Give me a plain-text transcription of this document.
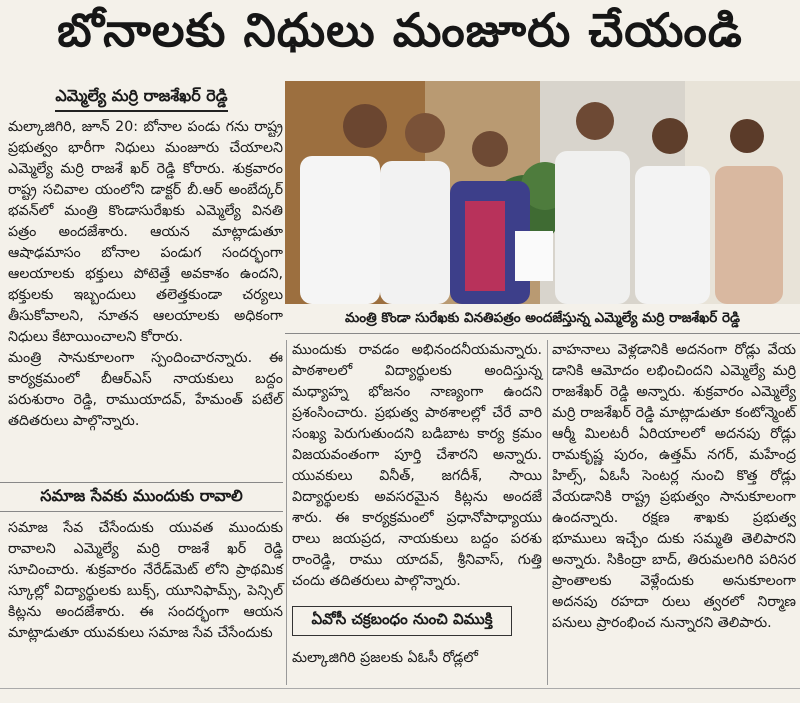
బోనాలకు నిధులు మంజూరు చేయండి
ఎమ్మెల్యే మర్రి రాజశేఖర్ రెడ్డి

మల్కాజిగిరి, జూన్ 20: బోనాల పండు గను రాష్ట్ర ప్రభుత్వం భారీగా నిధులు మంజూరు చేయాలని ఎమ్మెల్యే మర్రి రాజశే ఖర్ రెడ్డి కోరారు. శుక్రవారం రాష్ట్ర సచివాల యంలోని డాక్టర్ బీ.ఆర్ అంబేద్కర్ భవన్‌లో మంత్రి కొండాసురేఖకు ఎమ్మెల్యే వినతి పత్రం అందజేశారు. ఆయన మాట్లాడుతూ ఆషాఢమాసం బోనాల పండుగ సందర్భంగా ఆలయాలకు భక్తులు పోటెత్తే అవకాశం ఉందని, భక్తులకు ఇబ్బందులు తలెత్తకుండా చర్యలు తీసుకోవాలని, నూతన ఆలయాలకు అధికంగా నిధులు కేటాయించాలని కోరారు.

మంత్రి సానుకూలంగా స్పందించారన్నారు. ఈ కార్యక్రమంలో బీఆర్ఎస్ నాయకులు బద్దం పరుశురాం రెడ్డి, రాముయాదవ్, హేమంత్ పటేల్ తదితరులు పాల్గొన్నారు.

సమాజ సేవకు ముందుకు రావాలి

సమాజ సేవ చేసేందుకు యువత ముందుకు రావాలని ఎమ్మెల్యే మర్రి రాజశే ఖర్ రెడ్డి సూచించారు. శుక్రవారం నేరేడ్‌మెట్ లోని ప్రాథమిక స్కూల్లో విద్యార్థులకు బుక్స్, యూనిఫామ్స్, పెన్సిల్ కిట్లను అందజేశారు. ఈ సందర్భంగా ఆయన మాట్లాడుతూ యువకులు సమాజ సేవ చేసేందుకు

మంత్రి కొండా సురేఖకు వినతిపత్రం అందజేస్తున్న ఎమ్మెల్యే మర్రి రాజశేఖర్ రెడ్డి

ముందుకు రావడం అభినందనీయమన్నారు. పాఠశాలలో విద్యార్థులకు అందిస్తున్న మధ్యాహ్న భోజనం నాణ్యంగా ఉందని ప్రశంసించారు. ప్రభుత్వ పాఠశాలల్లో చేరే వారి సంఖ్య పెరుగుతుందని బడిబాట కార్య క్రమం విజయవంతంగా పూర్తి చేశారని అన్నారు. యువకులు వినీత్, జగదీశ్, సాయి విద్యార్థులకు అవసరమైన కిట్లను అందజే శారు. ఈ కార్యక్రమంలో ప్రధానోపాధ్యాయు రాలు జయప్రద, నాయకులు బద్దం పరశు రాంరెడ్డి, రాము యాదవ్, శ్రీనివాస్, గుత్తి చందు తదితరులు పాల్గొన్నారు.

ఏవోసీ చక్రబంధం నుంచి విముక్తి

మల్కాజిగిరి ప్రజలకు ఏఓసీ రోడ్లలో

వాహనాలు వెళ్లడానికి అదనంగా రోడ్లు వేయ డానికి ఆమోదం లభించిందని ఎమ్మెల్యే మర్రి రాజశేఖర్ రెడ్డి అన్నారు. శుక్రవారం ఎమ్మెల్యే మర్రి రాజశేఖర్ రెడ్డి మాట్లాడుతూ కంటోన్మెంట్ ఆర్మీ మిలటరీ ఏరియాలలో అదనపు రోడ్లు రామకృష్ణ పురం, ఉత్తమ్ నగర్, మహేంద్ర హిల్స్, ఏఓసీ సెంటర్ల నుంచి కొత్త రోడ్లు వేయడానికి రాష్ట్ర ప్రభుత్వం సానుకూలంగా ఉందన్నారు. రక్షణ శాఖకు ప్రభుత్వ భూములు ఇచ్చేం దుకు సమ్మతి తెలిపారని అన్నారు. సికింద్రా బాద్, తిరుమలగిరి పరిసర ప్రాంతాలకు వెళ్లేందుకు అనుకూలంగా అదనపు రహదా రులు త్వరలో నిర్మాణ పనులు ప్రారంభించ నున్నారని తెలిపారు.
